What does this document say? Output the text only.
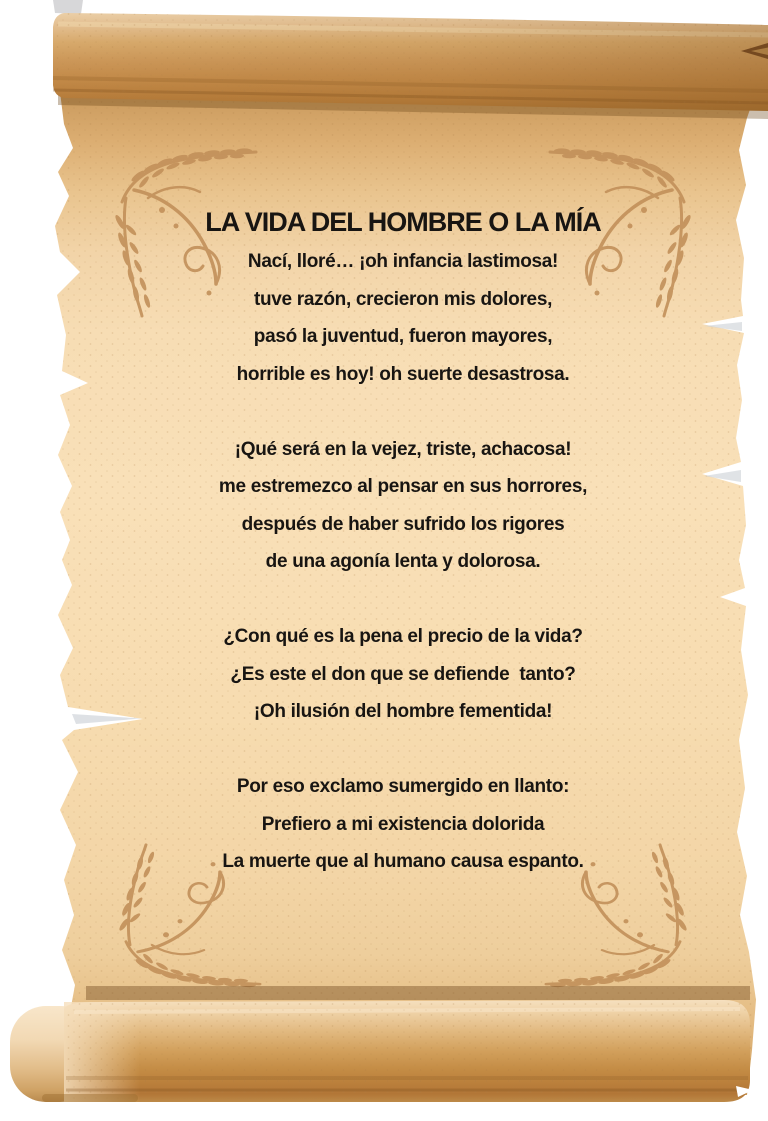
LA VIDA DEL HOMBRE O LA MÍA
Nací, lloré… ¡oh infancia lastimosa!
tuve razón, crecieron mis dolores,
pasó la juventud, fueron mayores,
horrible es hoy! oh suerte desastrosa.
¡Qué será en la vejez, triste, achacosa!
me estremezco al pensar en sus horrores,
después de haber sufrido los rigores
de una agonía lenta y dolorosa.
¿Con qué es la pena el precio de la vida?
¿Es este el don que se defiende  tanto?
¡Oh ilusión del hombre fementida!
Por eso exclamo sumergido en llanto:
Prefiero a mi existencia dolorida
La muerte que al humano causa espanto.
